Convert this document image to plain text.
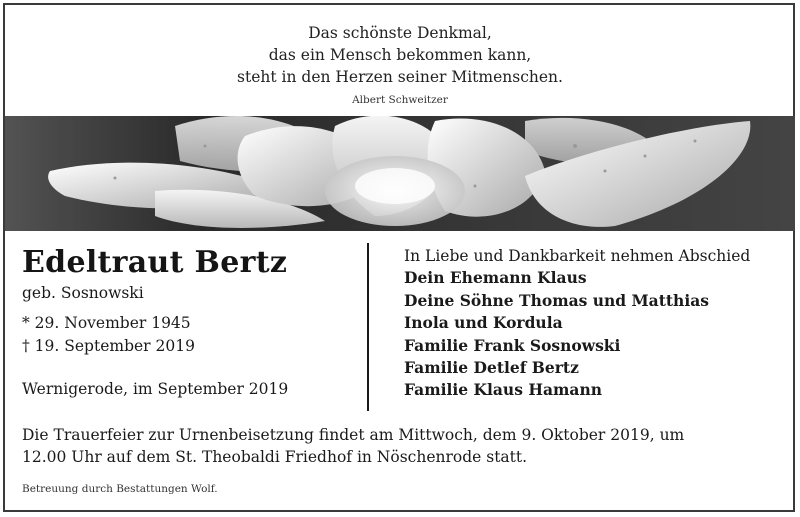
Das schönste Denkmal,
das ein Mensch bekommen kann,
steht in den Herzen seiner Mitmenschen.
Albert Schweitzer
Edeltraut Bertz
geb. Sosnowski
* 29. November 1945
† 19. September 2019
Wernigerode, im September 2019
In Liebe und Dankbarkeit nehmen Abschied
Dein Ehemann Klaus
Deine Söhne Thomas und Matthias
Inola und Kordula
Familie Frank Sosnowski
Familie Detlef Bertz
Familie Klaus Hamann
Die Trauerfeier zur Urnenbeisetzung findet am Mittwoch, dem 9. Oktober 2019, um
12.00 Uhr auf dem St. Theobaldi Friedhof in Nöschenrode statt.
Betreuung durch Bestattungen Wolf.
